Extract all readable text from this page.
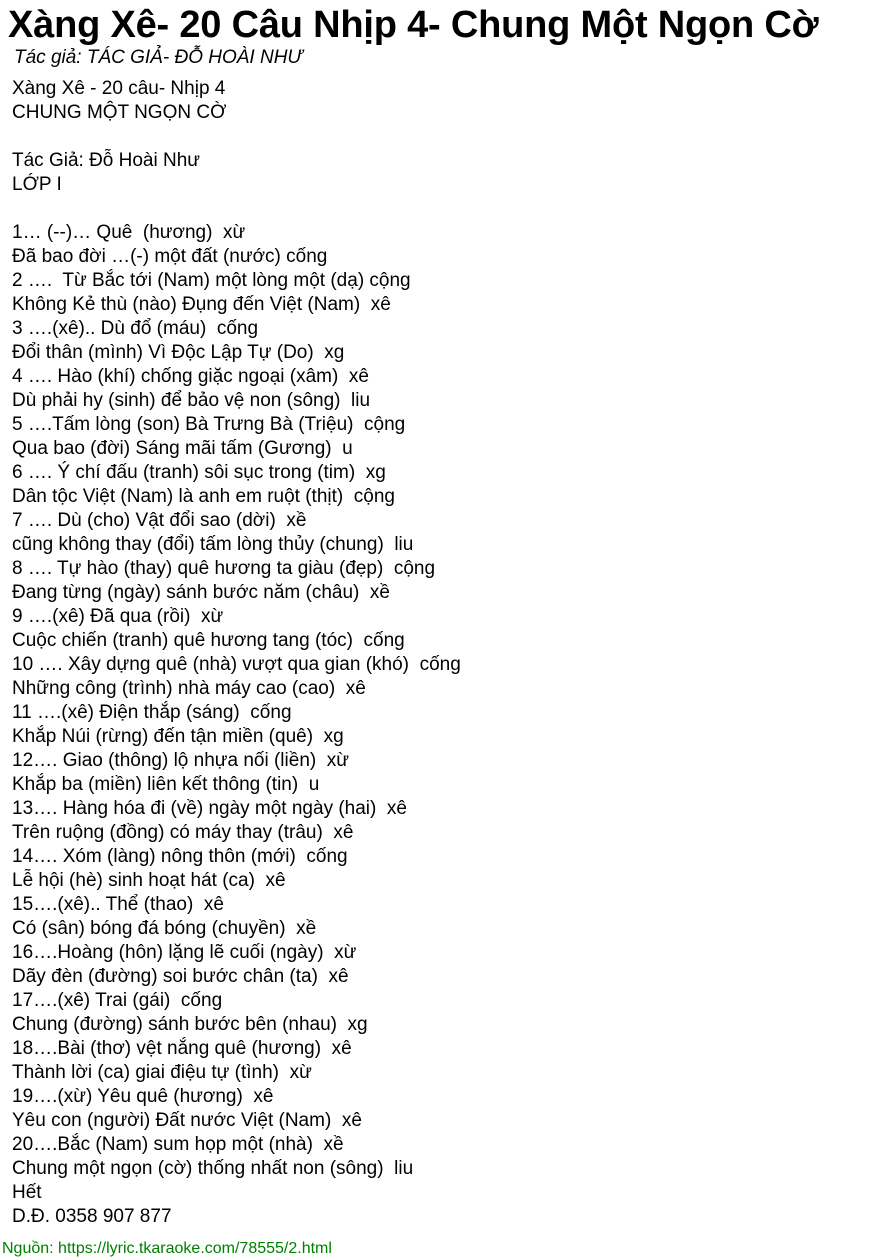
Xàng Xê- 20 Câu Nhịp 4- Chung Một Ngọn Cờ
Tác giả: TÁC GIẢ- ĐỖ HOÀI NHƯ
Xàng Xê - 20 câu- Nhịp 4
CHUNG MỘT NGỌN CỜ
Tác Giả: Đỗ Hoài Như
LỚP I
1… (--)… Quê  (hương)  xừ
Đã bao đời …(-) một đất (nước) cống
2 ….  Từ Bắc tới (Nam) một lòng một (dạ) cộng
Không Kẻ thù (nào) Đụng đến Việt (Nam)  xê
3 ….(xê).. Dù đổ (máu)  cống
Đổi thân (mình) Vì Độc Lập Tự (Do)  xg
4 …. Hào (khí) chống giặc ngoại (xâm)  xê
Dù phải hy (sinh) để bảo vệ non (sông)  liu
5 ….Tấm lòng (son) Bà Trưng Bà (Triệu)  cộng
Qua bao (đời) Sáng mãi tấm (Gương)  u
6 …. Ý chí đấu (tranh) sôi sục trong (tim)  xg
Dân tộc Việt (Nam) là anh em ruột (thịt)  cộng
7 …. Dù (cho) Vật đổi sao (dời)  xề
cũng không thay (đổi) tấm lòng thủy (chung)  liu
8 …. Tự hào (thay) quê hương ta giàu (đẹp)  cộng
Đang từng (ngày) sánh bước năm (châu)  xề
9 ….(xê) Đã qua (rồi)  xừ
Cuộc chiến (tranh) quê hương tang (tóc)  cống
10 …. Xây dựng quê (nhà) vượt qua gian (khó)  cống
Những công (trình) nhà máy cao (cao)  xê
11 ….(xê) Điện thắp (sáng)  cống
Khắp Núi (rừng) đến tận miền (quê)  xg
12…. Giao (thông) lộ nhựa nối (liền)  xừ
Khắp ba (miền) liên kết thông (tin)  u
13…. Hàng hóa đi (về) ngày một ngày (hai)  xê
Trên ruộng (đồng) có máy thay (trâu)  xê
14…. Xóm (làng) nông thôn (mới)  cống
Lễ hội (hè) sinh hoạt hát (ca)  xê
15….(xê).. Thể (thao)  xê
Có (sân) bóng đá bóng (chuyền)  xề
16….Hoàng (hôn) lặng lẽ cuối (ngày)  xừ
Dãy đèn (đường) soi bước chân (ta)  xê
17….(xê) Trai (gái)  cống
Chung (đường) sánh bước bên (nhau)  xg
18….Bài (thơ) vệt nắng quê (hương)  xê
Thành lời (ca) giai điệu tự (tình)  xừ
19….(xừ) Yêu quê (hương)  xê
Yêu con (người) Đất nước Việt (Nam)  xê
20….Bắc (Nam) sum họp một (nhà)  xề
Chung một ngọn (cờ) thống nhất non (sông)  liu
Hết
D.Đ. 0358 907 877
Nguồn: https://lyric.tkaraoke.com/78555/2.html
